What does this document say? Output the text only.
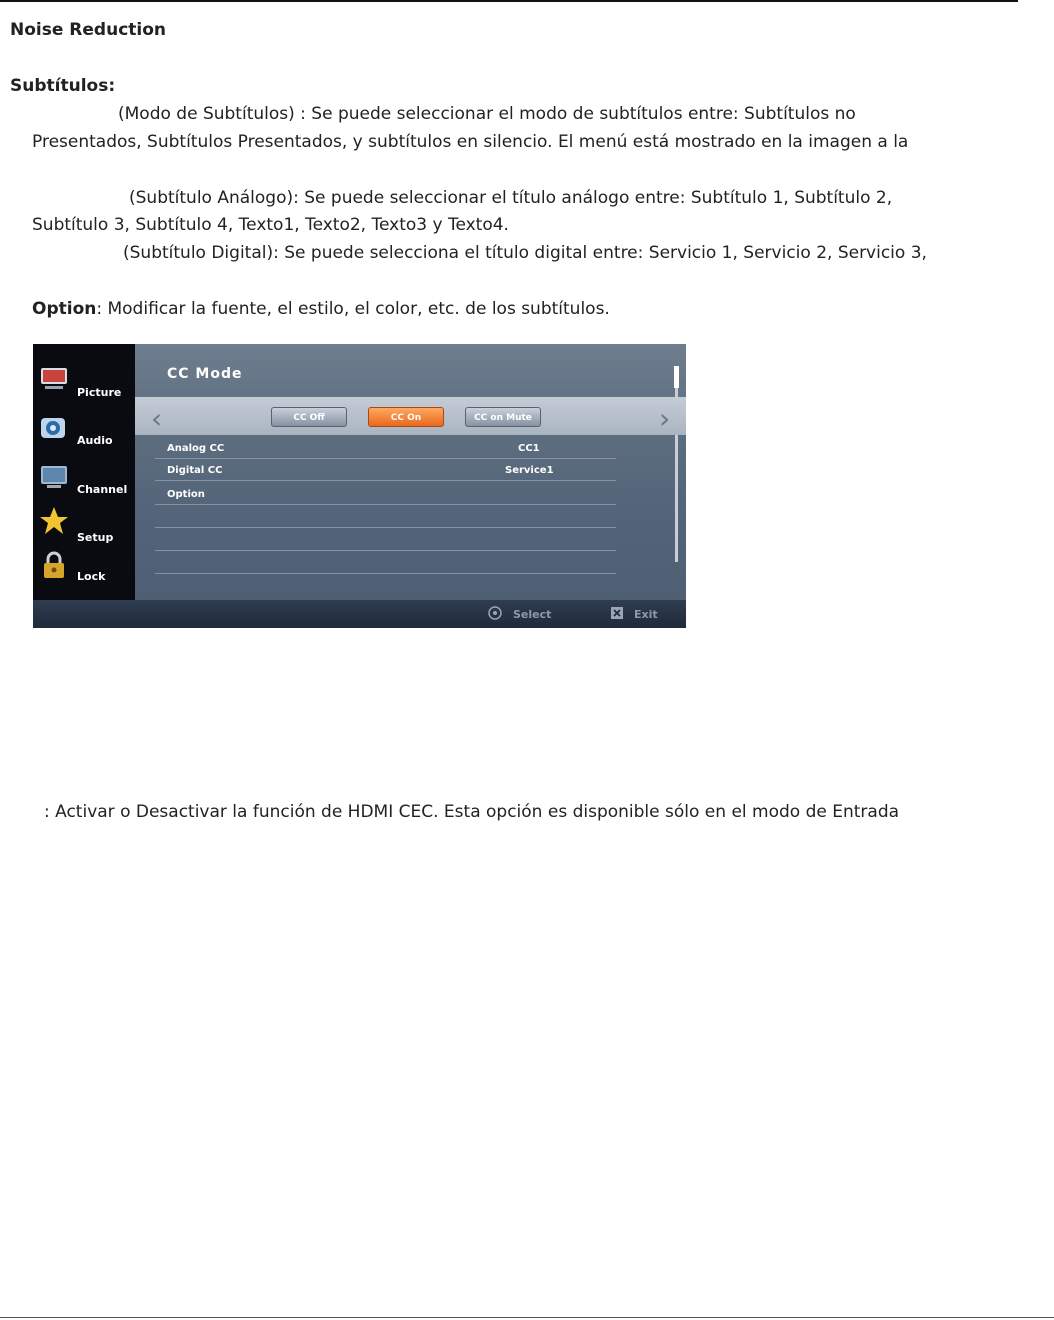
Noise Reduction
Subtítulos:
(Modo de Subtítulos) : Se puede seleccionar el modo de subtítulos entre: Subtítulos no
Presentados, Subtítulos Presentados, y subtítulos en silencio. El menú está mostrado en la imagen a la
(Subtítulo Análogo): Se puede seleccionar el título análogo entre: Subtítulo 1, Subtítulo 2,
Subtítulo 3, Subtítulo 4, Texto1, Texto2, Texto3 y Texto4.
(Subtítulo Digital): Se puede selecciona el título digital entre: Servicio 1, Servicio 2, Servicio 3,
Option: Modificar la fuente, el estilo, el color, etc. de los subtítulos.
Picture
Audio
Channel
Setup
Lock
CC Mode
‹	›
CC Off	CC On	CC on Mute
Analog CC	CC1
Digital CC	Service1
Option
Select	Exit
: Activar o Desactivar la función de HDMI CEC. Esta opción es disponible sólo en el modo de Entrada
